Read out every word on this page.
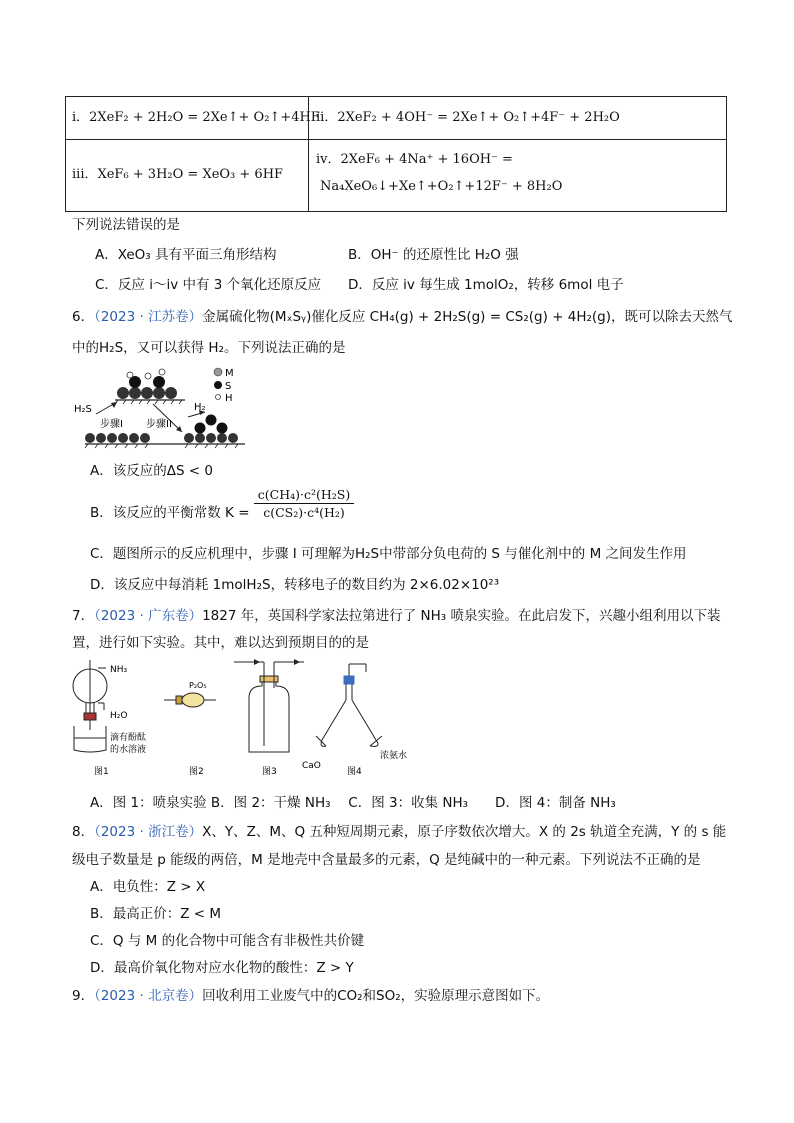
i．2XeF₂ + 2H₂O = 2Xe↑+ O₂↑+4HF
ii．2XeF₂ + 4OH⁻ = 2Xe↑+ O₂↑+4F⁻ + 2H₂O
iii．XeF₆ + 3H₂O = XeO₃ + 6HF
iv．2XeF₆ + 4Na⁺ + 16OH⁻ =
Na₄XeO₆↓+Xe↑+O₂↑+12F⁻ + 8H₂O
下列说法错误的是
A．XeO₃ 具有平面三角形结构	B．OH⁻ 的还原性比 H₂O 强
C．反应 i～iv 中有 3 个氧化还原反应 D．反应 iv 每生成 1molO₂，转移 6mol 电子
6．（2023 · 江苏卷）金属硫化物(MₓSᵧ)催化反应 CH₄(g) + 2H₂S(g) = CS₂(g) + 4H₂(g)，既可以除去天然气
中的H₂S，又可以获得 H₂。下列说法正确的是
M
S
H
H₂S	H₂
步骤I 步骤II
A．该反应的ΔS < 0
B．该反应的平衡常数 K =
c(CH₄)·c²(H₂S)
c(CS₂)·c⁴(H₂)
C．题图所示的反应机理中，步骤 I 可理解为H₂S中带部分负电荷的 S 与催化剂中的 M 之间发生作用
D．该反应中每消耗 1molH₂S，转移电子的数目约为 2×6.02×10²³
7．（2023 · 广东卷）1827 年，英国科学家法拉第进行了 NH₃ 喷泉实验。在此启发下，兴趣小组利用以下装
置，进行如下实验。其中，难以达到预期目的的是
NH₃
H₂O
滴有酚酞
的水溶液
P₂O₅
CaO
浓氨水
图1	图2	图3	图4
A．图 1：喷泉实验 B．图 2：干燥 NH₃　 C．图 3：收集 NH₃　　D．图 4：制备 NH₃
8．（2023 · 浙江卷）X、Y、Z、M、Q 五种短周期元素，原子序数依次增大。X 的 2s 轨道全充满，Y 的 s 能
级电子数量是 p 能级的两倍，M 是地壳中含量最多的元素，Q 是纯碱中的一种元素。下列说法不正确的是
A．电负性：Z > X
B．最高正价：Z < M
C．Q 与 M 的化合物中可能含有非极性共价键
D．最高价氧化物对应水化物的酸性：Z > Y
9．（2023 · 北京卷）回收利用工业废气中的CO₂和SO₂，实验原理示意图如下。
